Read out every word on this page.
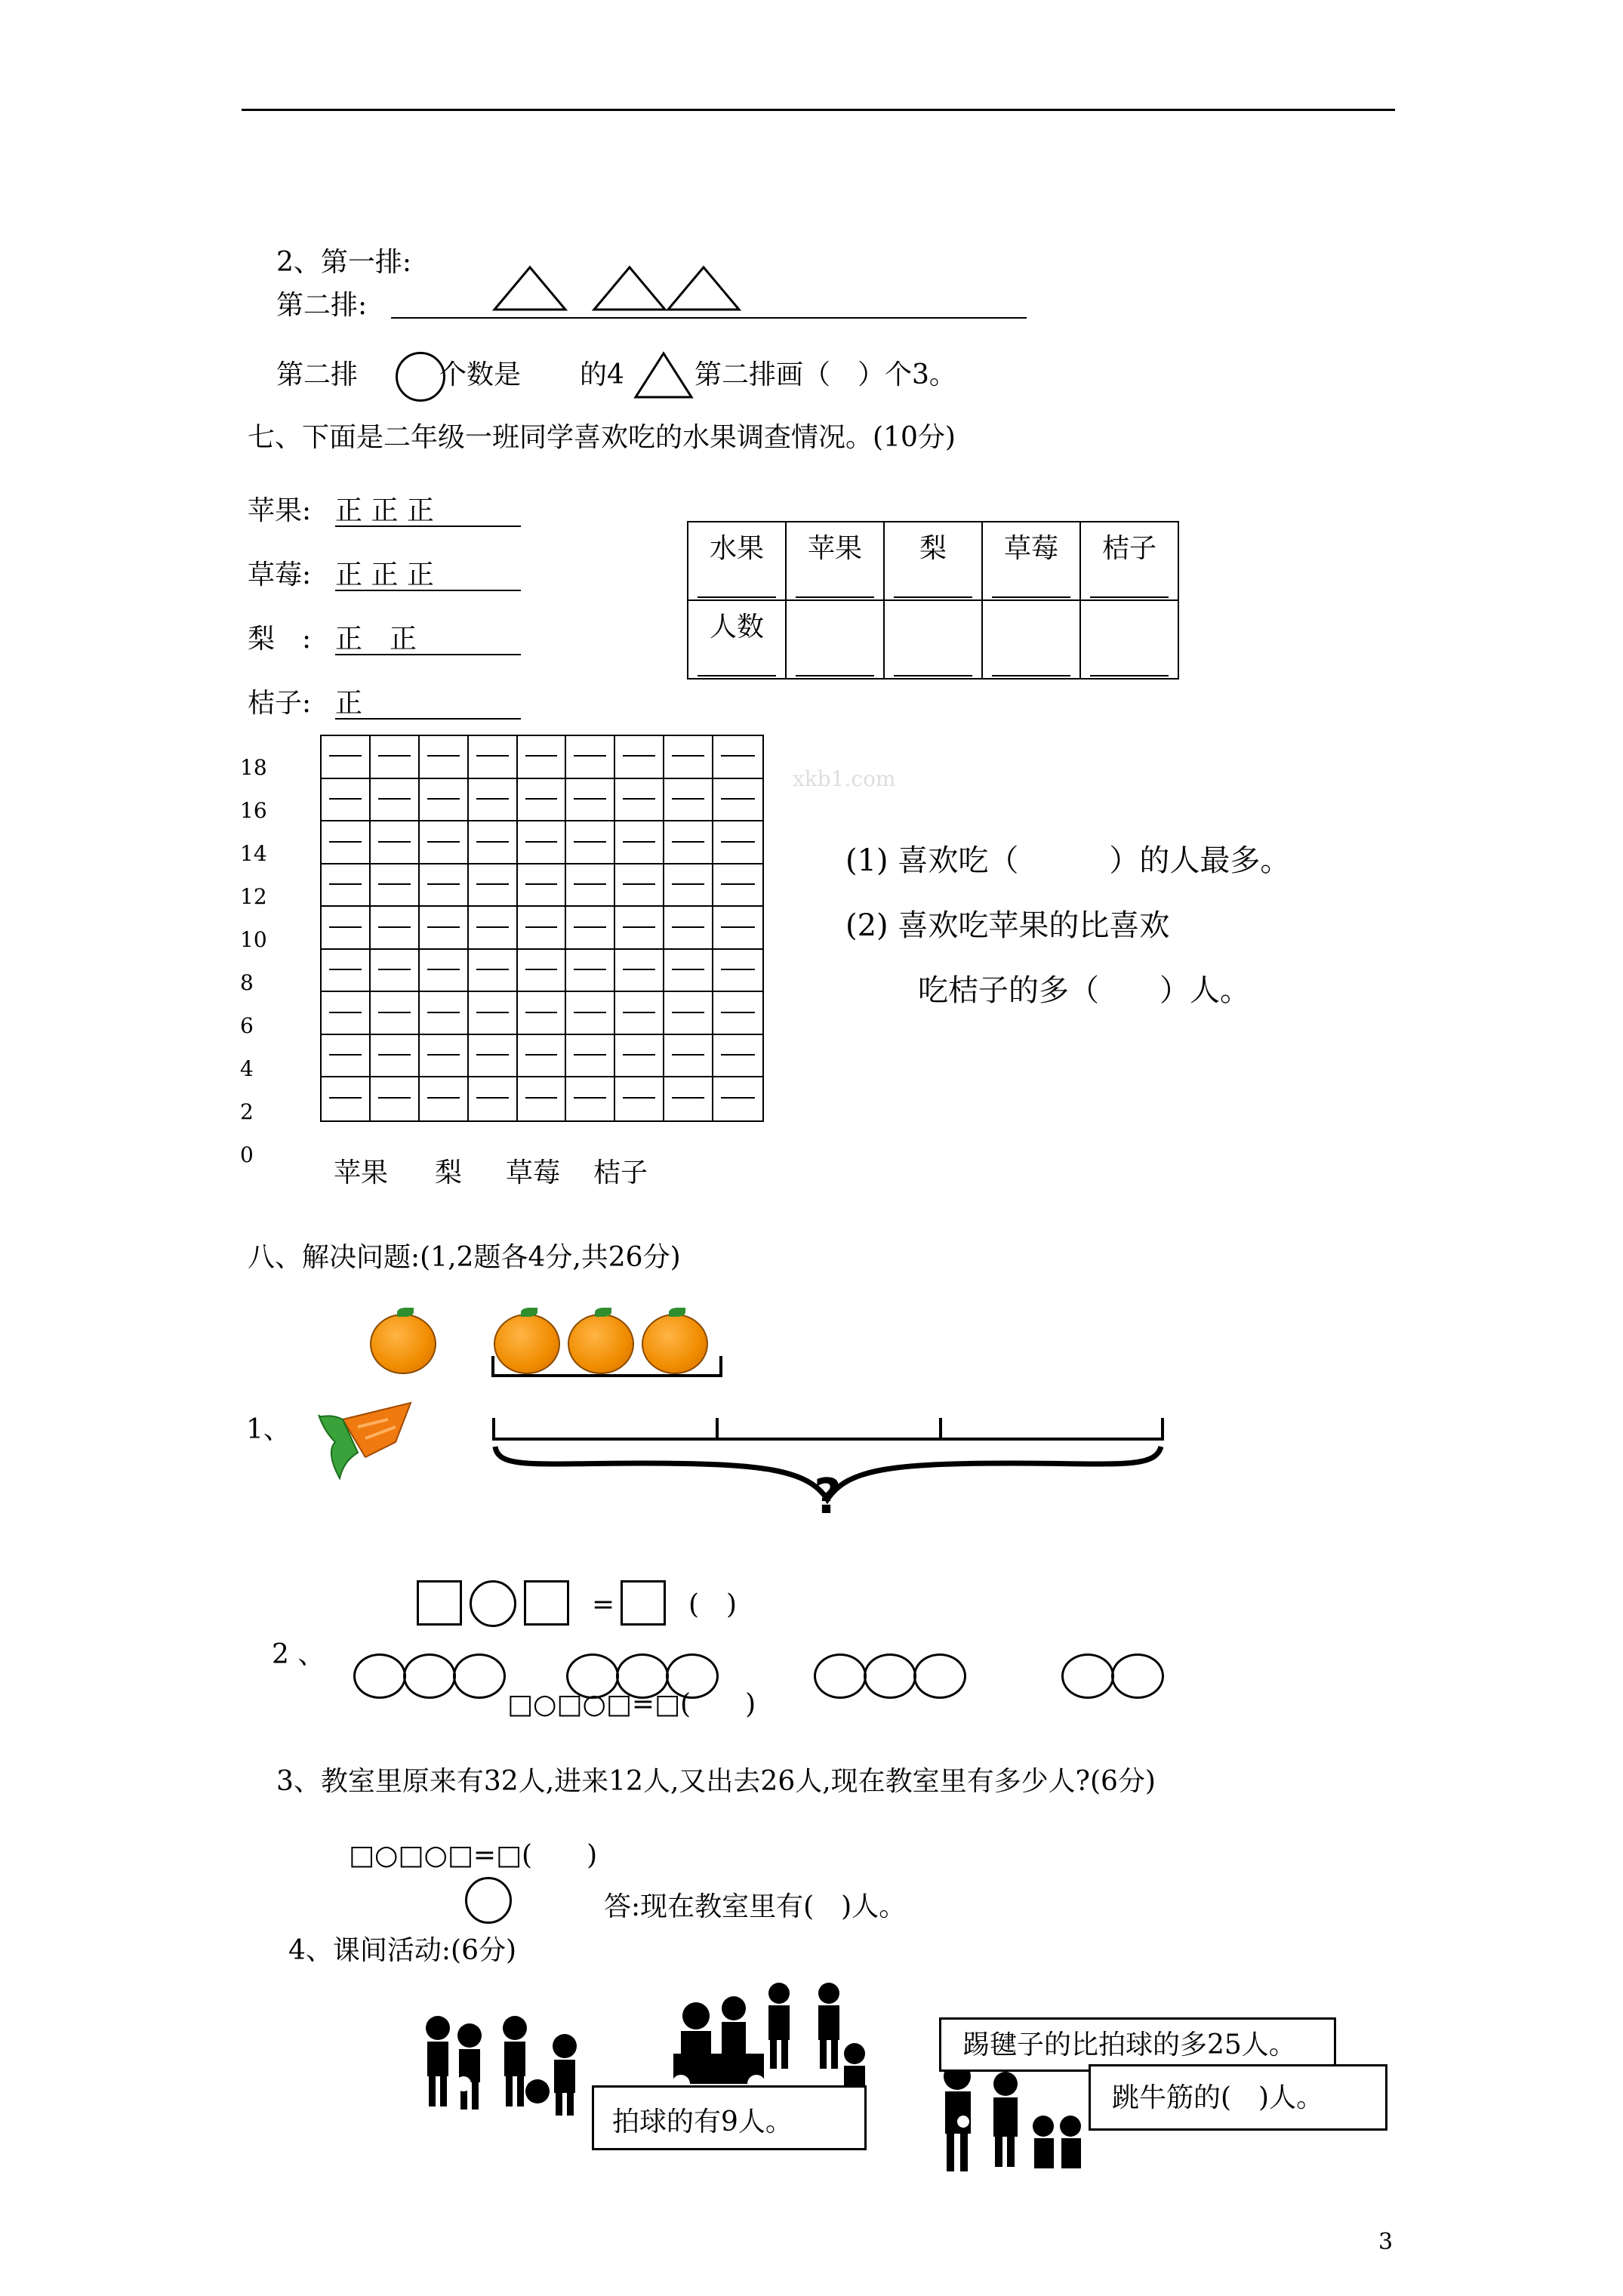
2、第一排:
第二排:
第二排	个数是 的4	第二排画（　）个3。
七、下面是二年级一班同学喜欢吃的水果调查情况。(10分)
苹果: 正 正 正
草莓: 正 正 正
梨　: 正　正
桔子: 正
水果	苹果	梨	草莓	桔子

人数				

18
16
14
12
10
8
6
4
2
0
xkb1.com
苹果 梨 草莓 桔子
(1) 喜欢吃（　　　）的人最多。
(2) 喜欢吃苹果的比喜欢
吃桔子的多（　　）人。
八、解决问题:(1,2题各4分,共26分)
1、
?
=	(　)
2 、
□○□○□=□(　　)
3、教室里原来有32人,进来12人,又出去26人,现在教室里有多少人?(6分)
□○□○□=□(　　)
答:现在教室里有(　)人。
4、课间活动:(6分)
拍球的有9人。
踢毽子的比拍球的多25人。
跳牛筋的(　)人。
3
